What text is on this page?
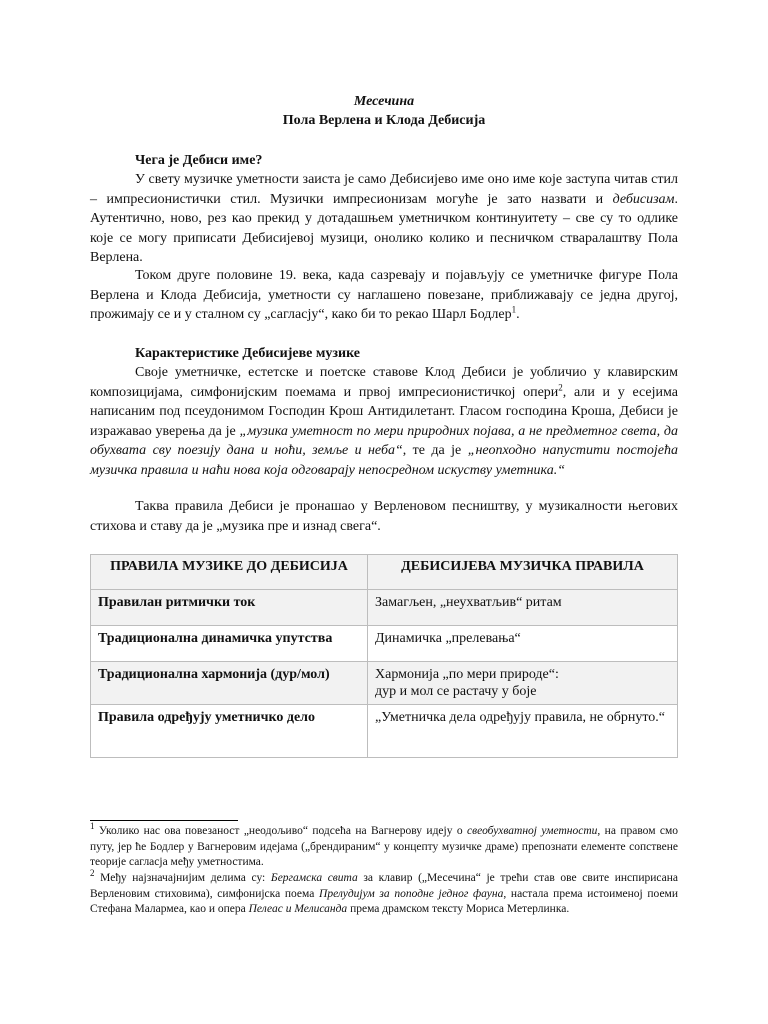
Месечина
Пола Верлена и Клода Дебисија
Чега је Дебиси име?

У свету музичке уметности заиста је само Дебисијево име оно име које заступа читав стил – импресионистички стил. Музички импресионизам могуће је зато назвати и дебисизам. Аутентично, ново, рез као прекид у дотадашњем уметничком континуитету – све су то одлике које се могу приписати Дебисијевој музици, онолико колико и песничком стваралаштву Пола Верлена.

Током друге половине 19. века, када сазревају и појављују се уметничке фигуре Пола Верлена и Клода Дебисија, уметности су наглашено повезане, приближавају се једна другој, прожимају се и у сталном су „сагласју“, како би то рекао Шарл Бодлер$^1$.

Карактеристике Дебисијеве музике

Своје уметничке, естетске и поетске ставове Клод Дебиси је уобличио у клавирским композицијама, симфонијским поемама и првој импресионистичкој опери$^2$, али и у есејима написаним под псеудонимом Господин Крош Антидилетант. Гласом господина Кроша, Дебиси је изражавао уверења да је „музика уметност по мери природних појава, а не предметног света, да обухвата сву поезију дана и ноћи, земље и неба“, те да је „неопходно напустити постојећа музичка правила и наћи нова која одговарају непосредном искуству уметника.“

Таква правила Дебиси је пронашао у Верленовом песништву, у музикалности његових стихова и ставу да је „музика пре и изнад свега“.

ПРАВИЛА МУЗИКЕ ДО ДЕБИСИЈА	ДЕБИСИЈЕВА МУЗИЧКА ПРАВИЛА
Правилан ритмички ток	Замагљен, „неухватљив“ ритам
Традиционална динамичка упутства	Динамичка „прелевања“
Традиционална хармонија (дур/мол)	Хармонија „по мери природе“:
дур и мол се растачу у боје
Правила одређују уметничко дело	„Уметничка дела одређују правила, не обрнуто.“

$^1$ Уколико нас ова повезаност „неодољиво“ подсећа на Вагнерову идеју о свеобухватној уметности, на правом смо путу, јер ће Бодлер у Вагнеровим идејама („брендираним“ у концепту музичке драме) препознати елементе сопствене теорије сагласја међу уметностима.

$^2$ Међу најзначајнијим делима су: Бергамска свита за клавир („Месечина“ је трећи став ове свите инспирисана Верленовим стиховима), симфонијска поема Прелудијум за поподне једног фауна, настала према истоименој поеми Стефана Малармеа, као и опера Пелеас и Мелисанда према драмском тексту Мориса Метерлинка.
